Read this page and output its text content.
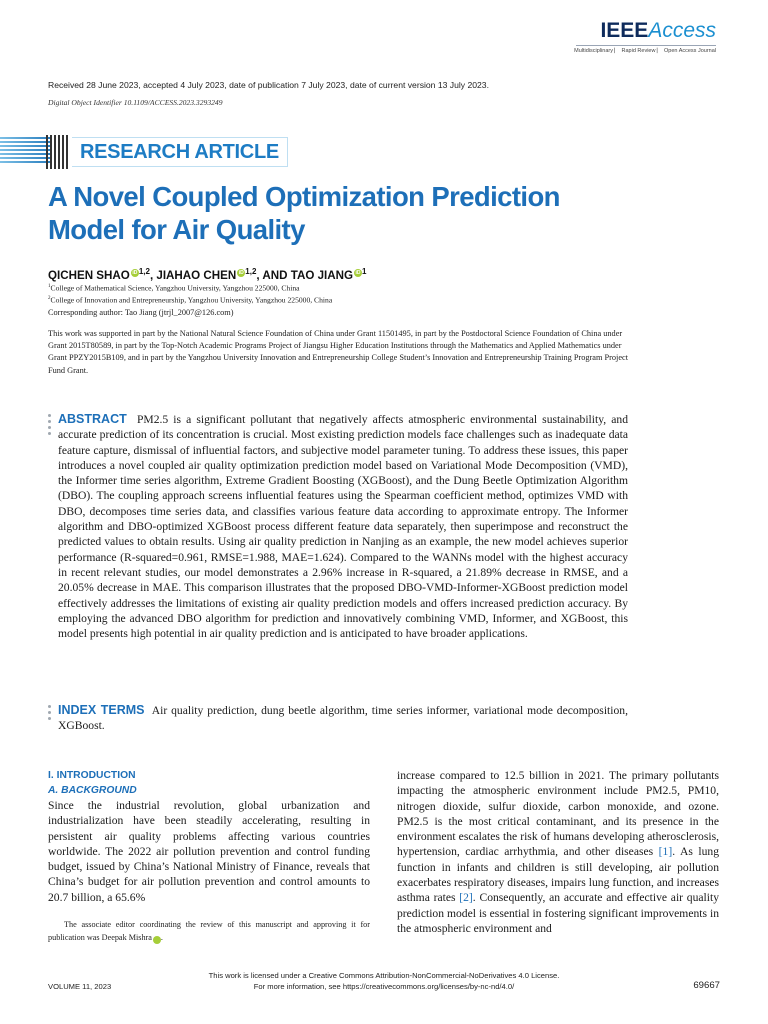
IEEEAccess
Multidisciplinary ⎸ Rapid Review ⎸ Open Access Journal
Received 28 June 2023, accepted 4 July 2023, date of publication 7 July 2023, date of current version 13 July 2023.
Digital Object Identifier 10.1109/ACCESS.2023.3293249
RESEARCH ARTICLE
A Novel Coupled Optimization Prediction
Model for Air Quality
QICHEN SHAO iD $^{1,2}$, JIAHAO CHEN iD $^{1,2}$, AND TAO JIANG iD $^1$
$^1$College of Mathematical Science, Yangzhou University, Yangzhou 225000, China
$^2$College of Innovation and Entrepreneurship, Yangzhou University, Yangzhou 225000, China
Corresponding author: Tao Jiang (jtrjl_2007@126.com)
This work was supported in part by the National Natural Science Foundation of China under Grant 11501495, in part by the Postdoctoral Science Foundation of China under Grant 2015T80589, in part by the Top-Notch Academic Programs Project of Jiangsu Higher Education Institutions through the Mathematics and Applied Mathematics under Grant PPZY2015B109, and in part by the Yangzhou University Innovation and Entrepreneurship College Student’s Innovation and Entrepreneurship Training Program Project Fund Grant.
ABSTRACT PM2.5 is a significant pollutant that negatively affects atmospheric environmental sustainability, and accurate prediction of its concentration is crucial. Most existing prediction models face challenges such as inadequate data feature capture, dismissal of influential factors, and subjective model parameter tuning. To address these issues, this paper introduces a novel coupled air quality optimization prediction model based on Variational Mode Decomposition (VMD), the Informer time series algorithm, Extreme Gradient Boosting (XGBoost), and the Dung Beetle Optimization Algorithm (DBO). The coupling approach screens influential features using the Spearman coefficient method, optimizes VMD with DBO, decomposes time series data, and classifies various feature data according to approximate entropy. The Informer algorithm and DBO-optimized XGBoost process different feature data separately, then superimpose and reconstruct the predicted values to obtain results. Using air quality prediction in Nanjing as an example, the new model achieves superior performance (R-squared=0.961, RMSE=1.988, MAE=1.624). Compared to the WANNs model with the highest accuracy in recent relevant studies, our model demonstrates a 2.96% increase in R-squared, a 21.89% decrease in RMSE, and a 20.05% decrease in MAE. This comparison illustrates that the proposed DBO-VMD-Informer-XGBoost prediction model effectively addresses the limitations of existing air quality prediction models and offers increased prediction accuracy. By employing the advanced DBO algorithm for prediction and innovatively combining VMD, Informer, and XGBoost, this model presents high potential in air quality prediction and is anticipated to have broader applications.
INDEX TERMS Air quality prediction, dung beetle algorithm, time series informer, variational mode decomposition, XGBoost.
I. INTRODUCTION
A. BACKGROUND
Since the industrial revolution, global urbanization and industrialization have been steadily accelerating, resulting in persistent air quality problems affecting various countries worldwide. The 2022 air pollution prevention and control funding budget, issued by China’s National Ministry of Finance, reveals that China’s budget for air pollution prevention and control amounts to 20.7 billion, a 65.6%
The associate editor coordinating the review of this manuscript and approving it for publication was Deepak Mishra	iD.
increase compared to 12.5 billion in 2021. The primary pollutants impacting the atmospheric environment include PM2.5, PM10, nitrogen dioxide, sulfur dioxide, carbon monoxide, and ozone. PM2.5 is the most critical contaminant, and its presence in the environment escalates the risk of humans developing atherosclerosis, hypertension, cardiac arrhythmia, and other diseases [1]. As lung function in infants and children is still developing, air pollution exacerbates respiratory diseases, impairs lung function, and increases asthma rates [2]. Consequently, an accurate and effective air quality prediction model is essential in fostering significant improvements in the atmospheric environment and
This work is licensed under a Creative Commons Attribution-NonCommercial-NoDerivatives 4.0 License.
For more information, see https://creativecommons.org/licenses/by-nc-nd/4.0/
VOLUME 11, 2023	69667
